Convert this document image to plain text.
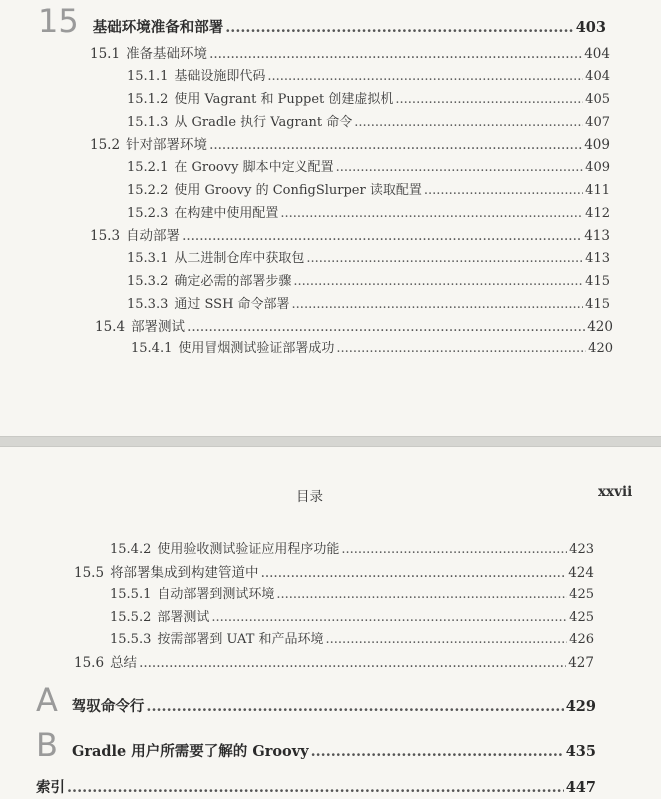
15 基础环境准备和部署 .....	403
15.1 准备基础环境 .....	404
15.1.1 基础设施即代码 .....	404
15.1.2 使用 Vagrant 和 Puppet 创建虚拟机 .....	405
15.1.3 从 Gradle 执行 Vagrant 命令 .....	407
15.2 针对部署环境 .....	409
15.2.1 在 Groovy 脚本中定义配置 .....	409
15.2.2 使用 Groovy 的 ConfigSlurper 读取配置 .....	411
15.2.3 在构建中使用配置 .....	412
15.3 自动部署 .....	413
15.3.1 从二进制仓库中获取包 .....	413
15.3.2 确定必需的部署步骤 .....	415
15.3.3 通过 SSH 命令部署 .....	415
15.4 部署测试 .....	420
15.4.1 使用冒烟测试验证部署成功 .....	420
目录	xxvii
15.4.2 使用验收测试验证应用程序功能 .....	423
15.5 将部署集成到构建管道中 .....	424
15.5.1 自动部署到测试环境 .....	425
15.5.2 部署测试 .....	425
15.5.3 按需部署到 UAT 和产品环境 .....	426
15.6 总结 .....	427
A驾驭命令行 .....	429
B Gradle 用户所需要了解的 Groovy .....	435
索引 .....	447
